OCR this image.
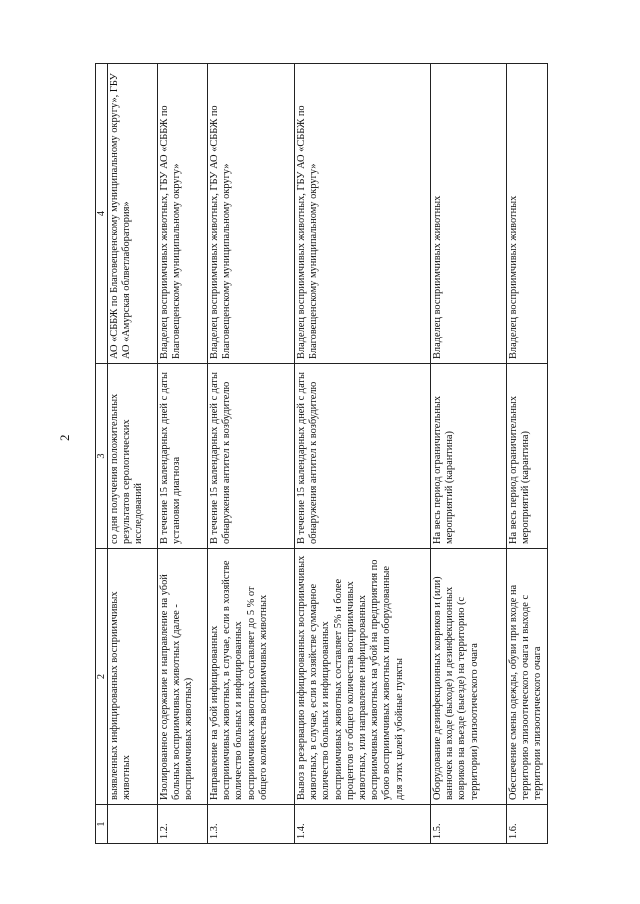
2
1	2	3	4
	выявленных инфицированных восприимчивых животных	со дня получения положительных результатов серологических исследований	АО «СББЖ по Благовещенскому муниципальному округу», ГБУ АО «Амурская облветлаборатория»
1.2.	Изолированное содержание и направление на убой больных восприимчивых животных (далее - восприимчивых животных)	В течение 15 календарных дней с даты установки диагноза	Владелец восприимчивых животных, ГБУ АО «СББЖ по Благовещенскому муниципальному округу»
1.3.	Направление на убой инфицированных восприимчивых животных, в случае, если в хозяйстве количество больных и инфицированных восприимчивых животных составляет до 5 % от общего количества восприимчивых животных	В течение 15 календарных дней с даты обнаружения антител к возбудителю	Владелец восприимчивых животных, ГБУ АО «СББЖ по Благовещенскому муниципальному округу»
1.4.	Вывоз в резервацию инфицированных восприимчивых животных, в случае, если в хозяйстве суммарное количество больных и инфицированных восприимчивых животных составляет 5% и более процентов от общего количества восприимчивых животных, или направление инфицированных восприимчивых животных на убой на предприятия по убою восприимчивых животных или оборудованные для этих целей убойные пункты	В течение 15 календарных дней с даты обнаружения антител к возбудителю	Владелец восприимчивых животных, ГБУ АО «СББЖ по Благовещенскому муниципальному округу»
1.5.	Оборудование дезинфекционных ковриков и (или) ванночек на входе (выходе) и дезинфекционных ковриков на въезде (выезде) на территорию (с территории) эпизоотического очага	На весь период ограничительных мероприятий (карантина)	Владелец восприимчивых животных
1.6.	Обеспечение смены одежды, обуви при входе на территорию эпизоотического очага и выходе с территории эпизоотического очага	На весь период ограничительных мероприятий (карантина)	Владелец восприимчивых животных
